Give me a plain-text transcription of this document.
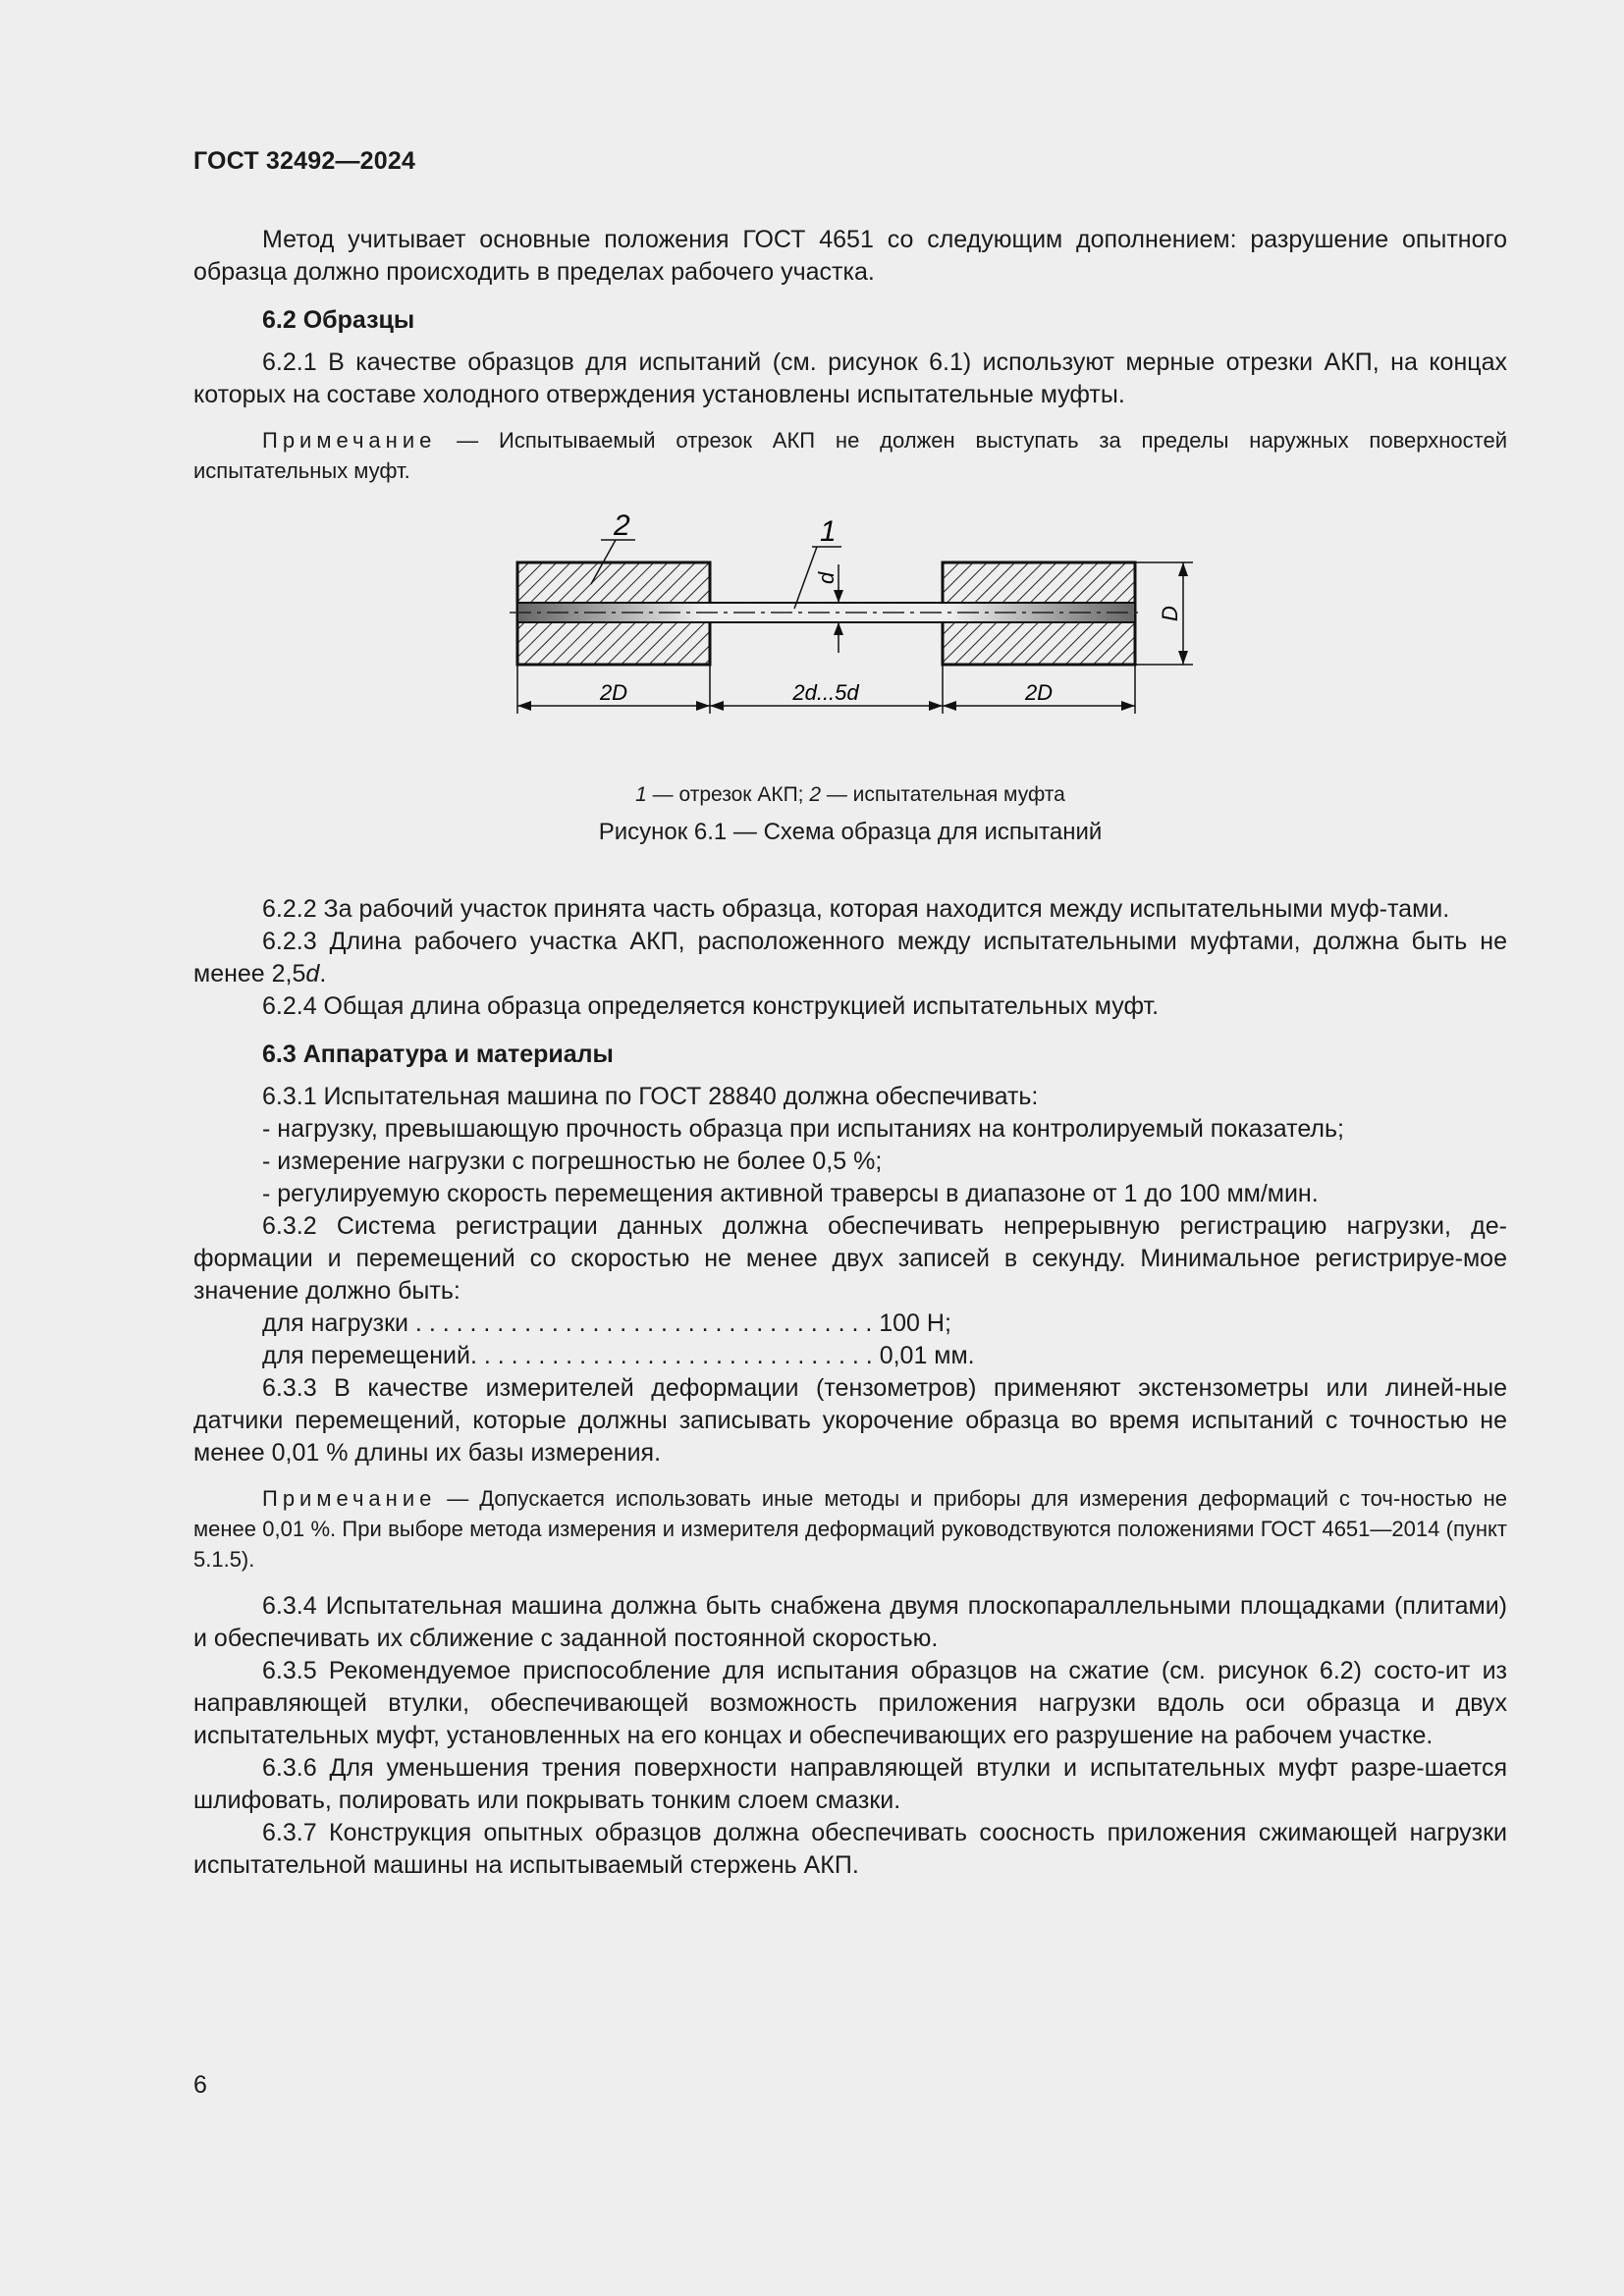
ГОСТ 32492—2024

Метод учитывает основные положения ГОСТ 4651 со следующим дополнением: разрушение опытного образца должно происходить в пределах рабочего участка.

6.2 Образцы

6.2.1 В качестве образцов для испытаний (см. рисунок 6.1) используют мерные отрезки АКП, на концах которых на составе холодного отверждения установлены испытательные муфты.

Примечание — Испытываемый отрезок АКП не должен выступать за пределы наружных поверхностей испытательных муфт.
2	1
d
D
2D	2d...5d	2D
1 — отрезок АКП; 2 — испытательная муфта
Рисунок 6.1 — Схема образца для испытаний

6.2.2 За рабочий участок принята часть образца, которая находится между испытательными муф-тами.

6.2.3 Длина рабочего участка АКП, расположенного между испытательными муфтами, должна быть не менее 2,5d.

6.2.4 Общая длина образца определяется конструкцией испытательных муфт.

6.3 Аппаратура и материалы

6.3.1 Испытательная машина по ГОСТ 28840 должна обеспечивать:

- нагрузку, превышающую прочность образца при испытаниях на контролируемый показатель;
- измерение нагрузки с погрешностью не более 0,5 %;
- регулируемую скорость перемещения активной траверсы в диапазоне от 1 до 100 мм/мин.

6.3.2 Система регистрации данных должна обеспечивать непрерывную регистрацию нагрузки, де-формации и перемещений со скоростью не менее двух записей в секунду. Минимальное регистрируе-мое значение должно быть:

для нагрузки . . . . . . . . . . . . . . . . . . . . . . . . . . . . . . . . . . 100 Н;
для перемещений. . . . . . . . . . . . . . . . . . . . . . . . . . . . . . 0,01 мм.

6.3.3 В качестве измерителей деформации (тензометров) применяют экстензометры или линей-ные датчики перемещений, которые должны записывать укорочение образца во время испытаний с точностью не менее 0,01 % длины их базы измерения.

Примечание — Допускается использовать иные методы и приборы для измерения деформаций с точ-ностью не менее 0,01 %. При выборе метода измерения и измерителя деформаций руководствуются положениями ГОСТ 4651—2014 (пункт 5.1.5).

6.3.4 Испытательная машина должна быть снабжена двумя плоскопараллельными площадками (плитами) и обеспечивать их сближение с заданной постоянной скоростью.

6.3.5 Рекомендуемое приспособление для испытания образцов на сжатие (см. рисунок 6.2) состо-ит из направляющей втулки, обеспечивающей возможность приложения нагрузки вдоль оси образца и двух испытательных муфт, установленных на его концах и обеспечивающих его разрушение на рабочем участке.

6.3.6 Для уменьшения трения поверхности направляющей втулки и испытательных муфт разре-шается шлифовать, полировать или покрывать тонким слоем смазки.

6.3.7 Конструкция опытных образцов должна обеспечивать соосность приложения сжимающей нагрузки испытательной машины на испытываемый стержень АКП.

6
